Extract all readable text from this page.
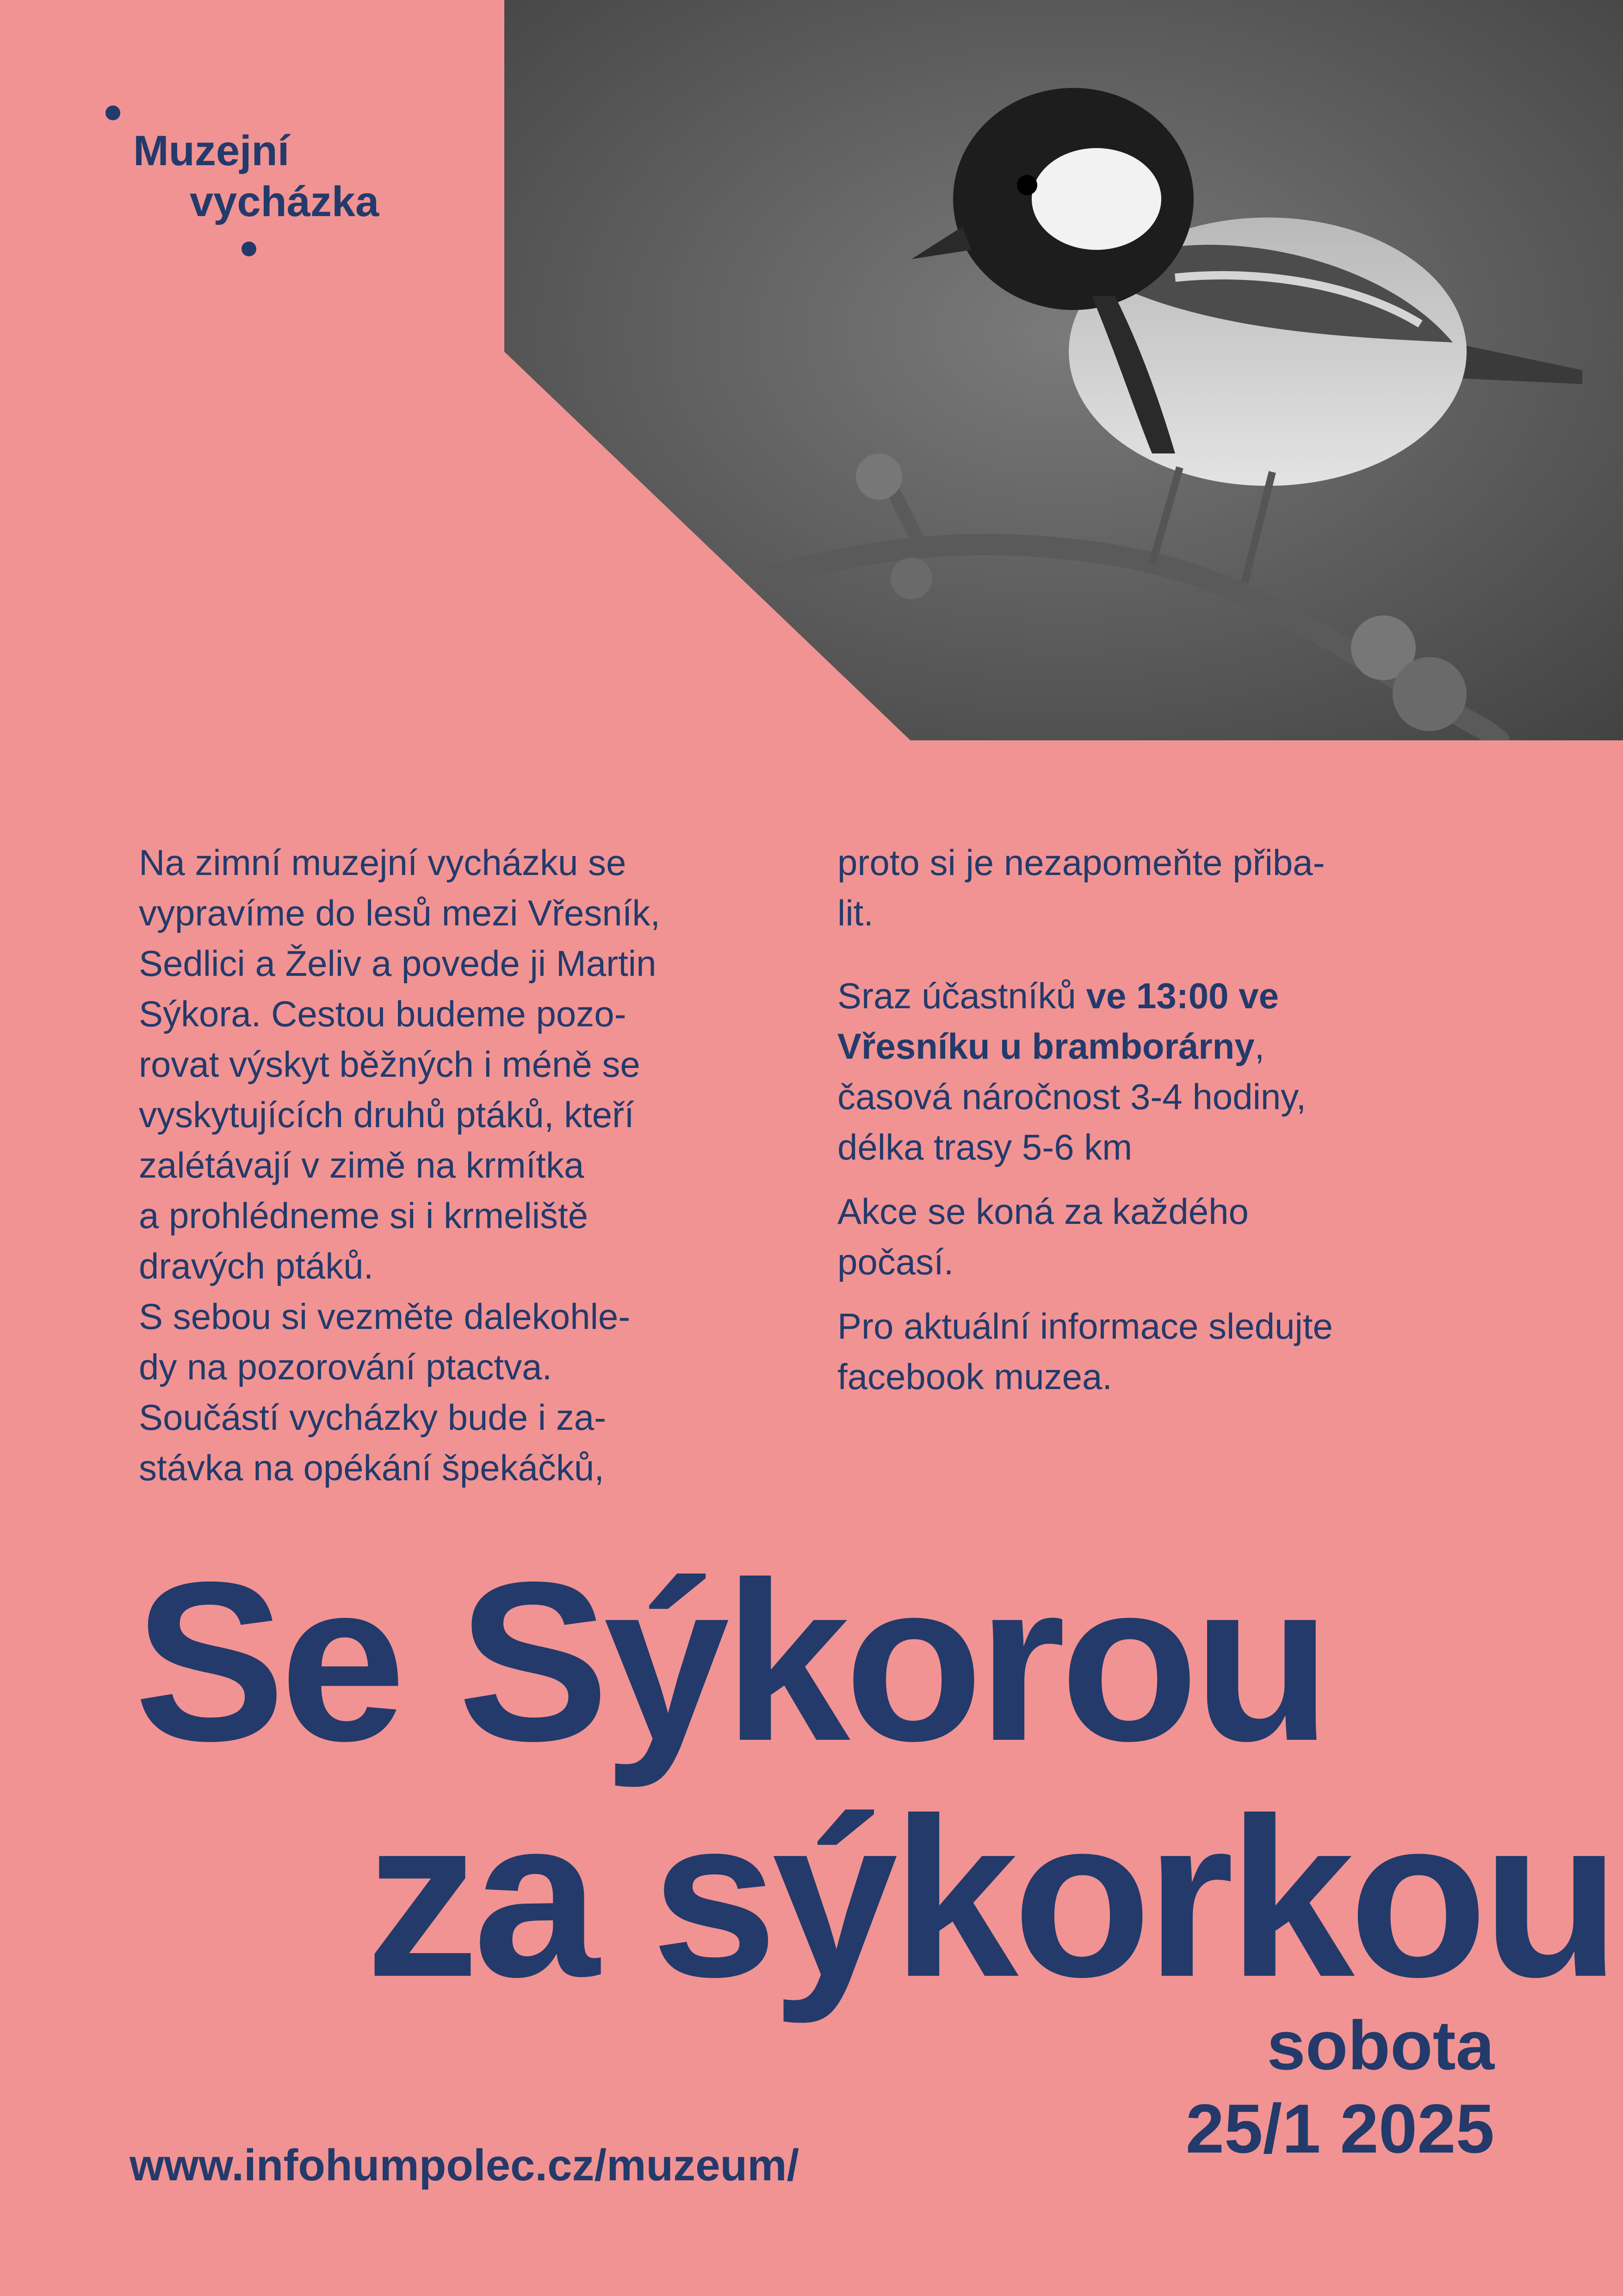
Muzejní
vycházka

Na zimní muzejní vycházku se

vypravíme do lesů mezi Vřesník,

Sedlici a Želiv a povede ji Martin

Sýkora. Cestou budeme pozo-

rovat výskyt běžných i méně se

vyskytujících druhů ptáků, kteří

zalétávají v zimě na krmítka

a prohlédneme si i krmeliště

dravých ptáků.

S sebou si vezměte dalekohle-

dy na pozorování ptactva.

Součástí vycházky bude i za-

stávka na opékání špekáčků,

proto si je nezapomeňte přiba-

lit.

Sraz účastníků ve 13:00 ve

Vřesníku u bramborárny,

časová náročnost 3-4 hodiny,

délka trasy 5-6 km

Akce se koná za každého

počasí.

Pro aktuální informace sledujte

facebook muzea.

Se Sýkorou
za sýkorkou
sobota
25/1 2025
www.infohumpolec.cz/muzeum/
